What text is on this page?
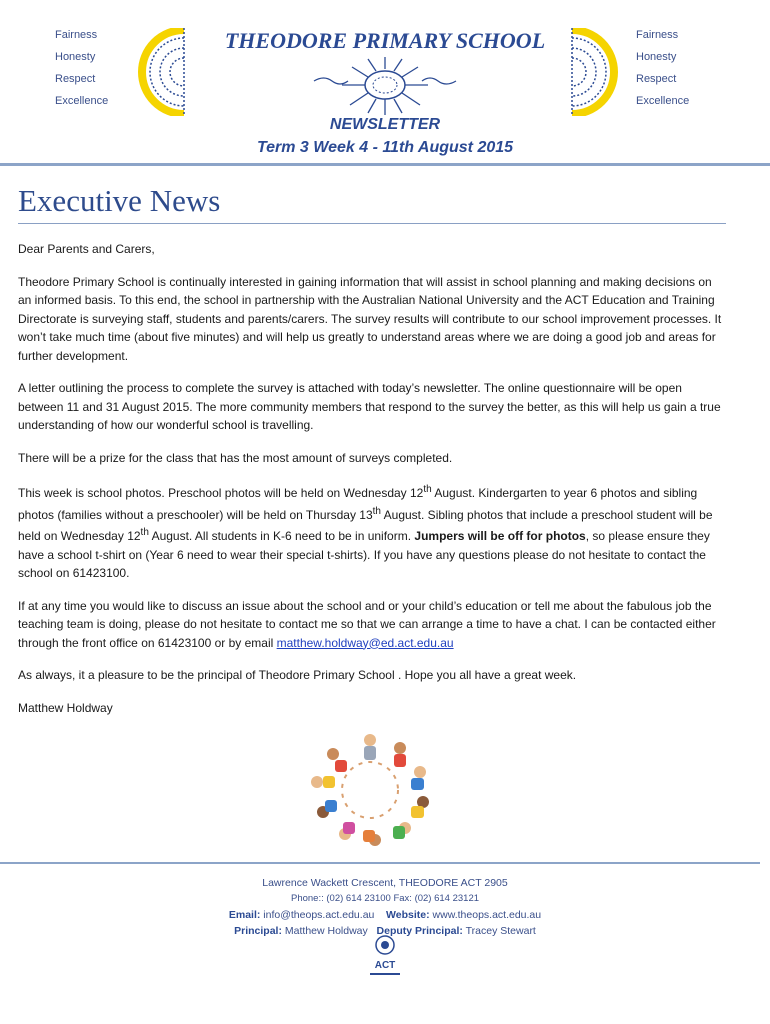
Fairness
Honesty
Respect
Excellence
Fairness
Honesty
Respect
Excellence
THEODORE PRIMARY SCHOOL
NEWSLETTER
Term 3 Week 4 - 11th August 2015
Executive News

Dear Parents and Carers,

Theodore Primary School is continually interested in gaining information that will assist in school planning and making decisions on an informed basis. To this end, the school in partnership with the Australian National University and the ACT Education and Training Directorate is surveying staff, students and parents/carers. The survey results will contribute to our school improvement processes. It won’t take much time (about five minutes) and will help us greatly to understand areas where we are doing a good job and areas for further development.

A letter outlining the process to complete the survey is attached with today’s newsletter. The online questionnaire will be open between 11 and 31 August 2015. The more community members that respond to the survey the better, as this will help us gain a true understanding of how our wonderful school is travelling.

There will be a prize for the class that has the most amount of surveys completed.

This week is school photos. Preschool photos will be held on Wednesday 12th August. Kindergarten to year 6 photos and sibling photos (families without a preschooler) will be held on Thursday 13th August. Sibling photos that include a preschool student will be held on Wednesday 12th August. All students in K-6 need to be in uniform. Jumpers will be off for photos, so please ensure they have a school t-shirt on (Year 6 need to wear their special t-shirts). If you have any questions please do not hesitate to contact the school on 61423100.

If at any time you would like to discuss an issue about the school and or your child’s education or tell me about the fabulous job the teaching team is doing, please do not hesitate to contact me so that we can arrange a time to have a chat. I can be contacted either through the front office on 61423100 or by email matthew.holdway@ed.act.edu.au

As always, it a pleasure to be the principal of Theodore Primary School . Hope you all have a great week.

Matthew Holdway

Lawrence Wackett Crescent, THEODORE ACT 2905
Phone:: (02) 614 23100 Fax: (02) 614 23121
Email: info@theops.act.edu.au Website: www.theops.act.edu.au
Principal: Matthew Holdway Deputy Principal: Tracey Stewart
ACT
